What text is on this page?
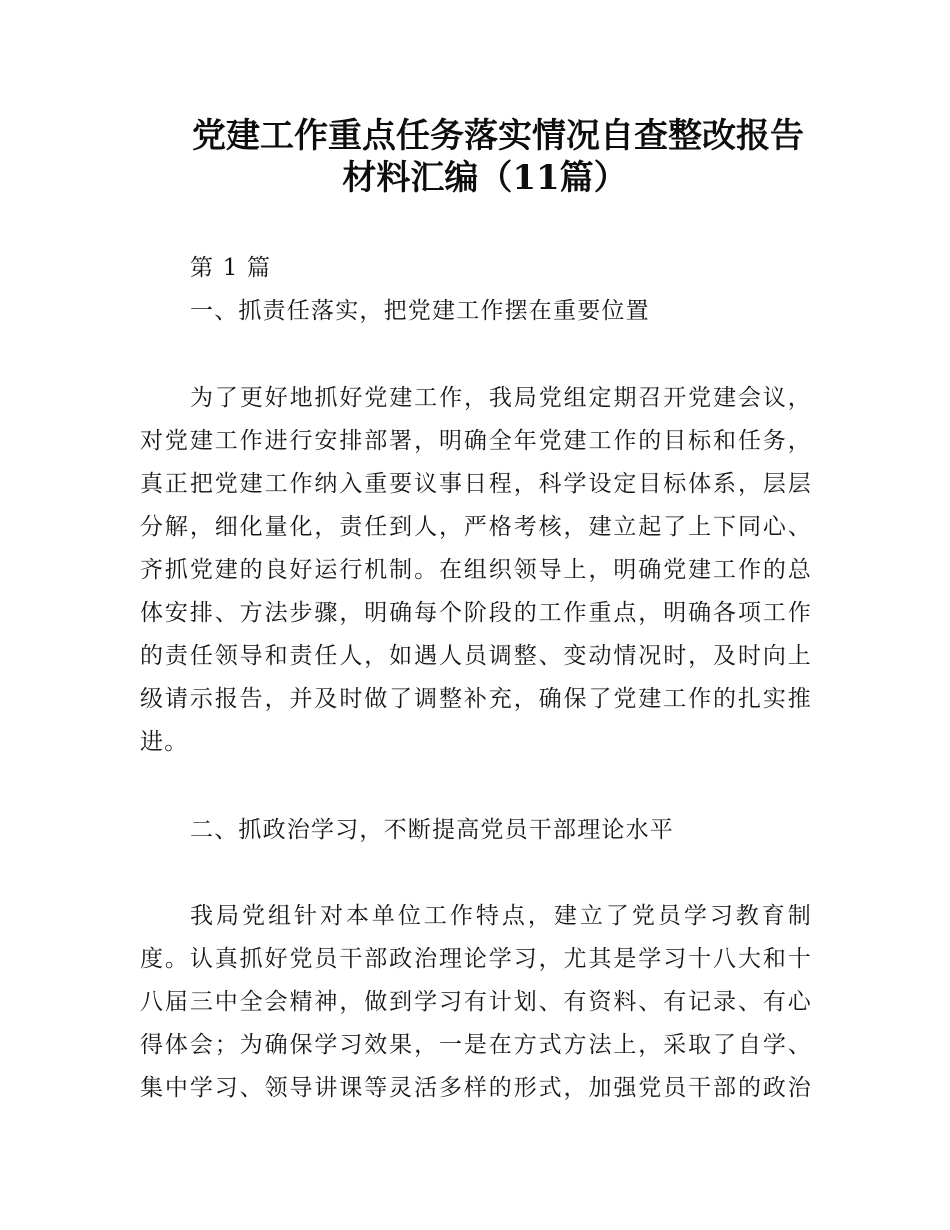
党建工作重点任务落实情况自查整改报告
材料汇编（11篇）
第 1 篇
一、抓责任落实，把党建工作摆在重要位置
为了更好地抓好党建工作，我局党组定期召开党建会议，
对党建工作进行安排部署，明确全年党建工作的目标和任务，
真正把党建工作纳入重要议事日程，科学设定目标体系，层层
分解，细化量化，责任到人，严格考核，建立起了上下同心、
齐抓党建的良好运行机制。在组织领导上，明确党建工作的总
体安排、方法步骤，明确每个阶段的工作重点，明确各项工作
的责任领导和责任人，如遇人员调整、变动情况时，及时向上
级请示报告，并及时做了调整补充，确保了党建工作的扎实推
进。
二、抓政治学习，不断提高党员干部理论水平
我局党组针对本单位工作特点，建立了党员学习教育制
度。认真抓好党员干部政治理论学习，尤其是学习十八大和十
八届三中全会精神，做到学习有计划、有资料、有记录、有心
得体会；为确保学习效果，一是在方式方法上，采取了自学、
集中学习、领导讲课等灵活多样的形式，加强党员干部的政治
